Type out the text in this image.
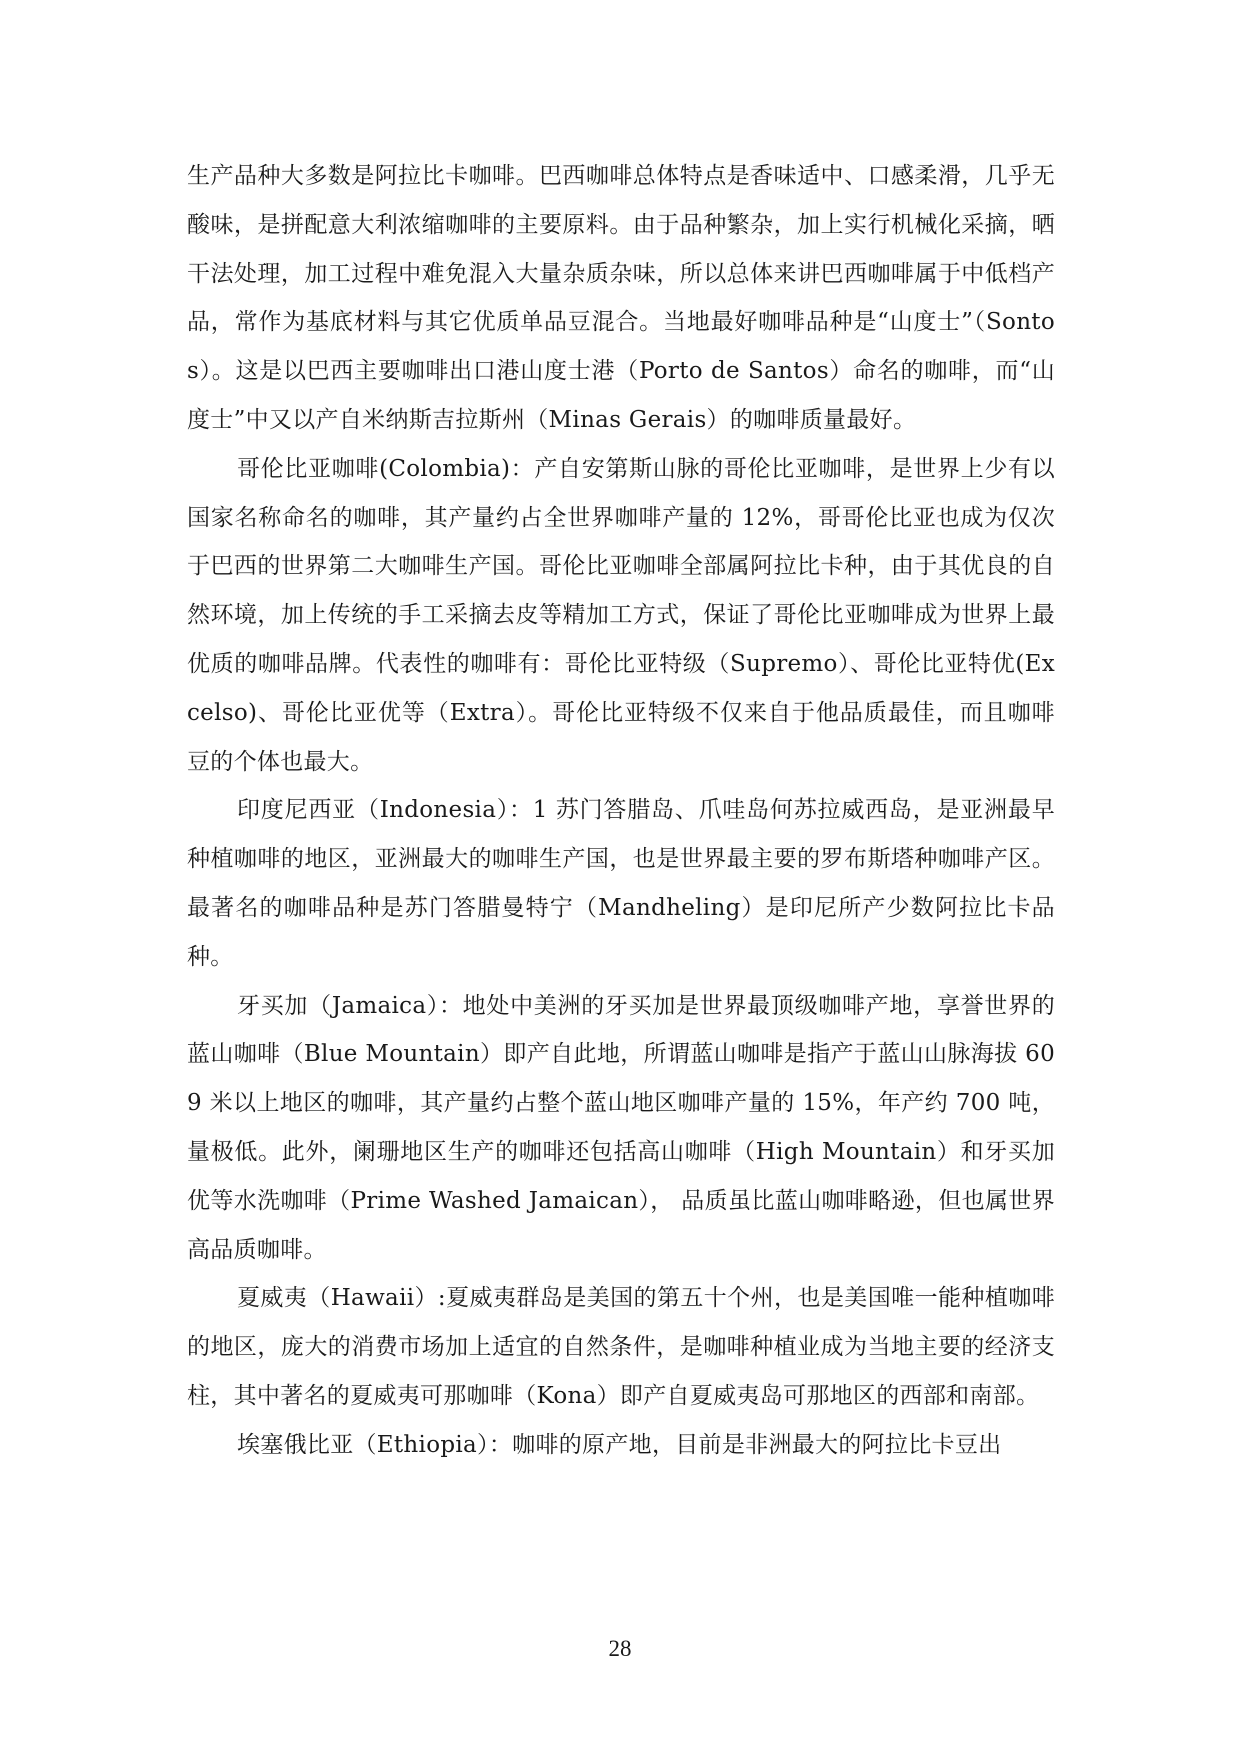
生产品种大多数是阿拉比卡咖啡。巴西咖啡总体特点是香味适中、口感柔滑，几乎无酸味，是拼配意大利浓缩咖啡的主要原料。由于品种繁杂，加上实行机械化采摘，晒干法处理，加工过程中难免混入大量杂质杂味，所以总体来讲巴西咖啡属于中低档产品，常作为基底材料与其它优质单品豆混合。当地最好咖啡品种是“山度士”（Sontos）。这是以巴西主要咖啡出口港山度士港（Porto de Santos）命名的咖啡，而“山度士”中又以产自米纳斯吉拉斯州（Minas Gerais）的咖啡质量最好。

哥伦比亚咖啡(Colombia)：产自安第斯山脉的哥伦比亚咖啡，是世界上少有以国家名称命名的咖啡，其产量约占全世界咖啡产量的 12%，哥哥伦比亚也成为仅次于巴西的世界第二大咖啡生产国。哥伦比亚咖啡全部属阿拉比卡种，由于其优良的自然环境，加上传统的手工采摘去皮等精加工方式，保证了哥伦比亚咖啡成为世界上最优质的咖啡品牌。代表性的咖啡有：哥伦比亚特级（Supremo）、哥伦比亚特优(Excelso)、哥伦比亚优等（Extra）。哥伦比亚特级不仅来自于他品质最佳，而且咖啡豆的个体也最大。

印度尼西亚（Indonesia）：1 苏门答腊岛、爪哇岛何苏拉威西岛，是亚洲最早种植咖啡的地区，亚洲最大的咖啡生产国，也是世界最主要的罗布斯塔种咖啡产区。最著名的咖啡品种是苏门答腊曼特宁（Mandheling）是印尼所产少数阿拉比卡品种。

牙买加（Jamaica）：地处中美洲的牙买加是世界最顶级咖啡产地，享誉世界的蓝山咖啡（Blue Mountain）即产自此地，所谓蓝山咖啡是指产于蓝山山脉海拔 609 米以上地区的咖啡，其产量约占整个蓝山地区咖啡产量的 15%，年产约 700 吨，量极低。此外，阑珊地区生产的咖啡还包括高山咖啡（High Mountain）和牙买加优等水洗咖啡（Prime Washed Jamaican）， 品质虽比蓝山咖啡略逊，但也属世界高品质咖啡。

夏威夷（Hawaii）:夏威夷群岛是美国的第五十个州，也是美国唯一能种植咖啡的地区，庞大的消费市场加上适宜的自然条件，是咖啡种植业成为当地主要的经济支柱，其中著名的夏威夷可那咖啡（Kona）即产自夏威夷岛可那地区的西部和南部。

埃塞俄比亚（Ethiopia）：咖啡的原产地，目前是非洲最大的阿拉比卡豆出

28
